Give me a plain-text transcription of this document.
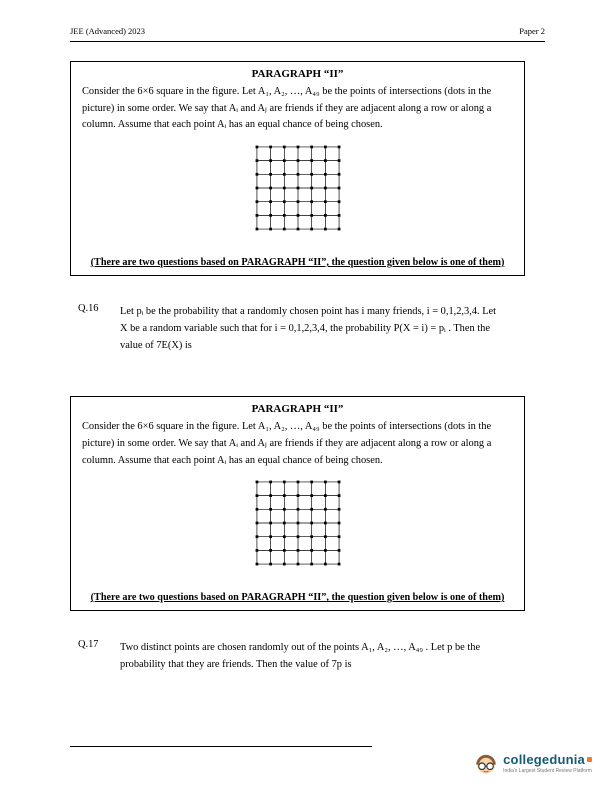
JEE (Advanced) 2023	Paper 2
PARAGRAPH “II”

Consider the 6×6 square in the figure. Let A₁, A₂, …, A₄₉ be the points of intersections (dots in the picture) in some order. We say that Aᵢ and Aⱼ are friends if they are adjacent along a row or along a column. Assume that each point Aᵢ has an equal chance of being chosen.

(There are two questions based on PARAGRAPH “II”, the question given below is one of them)
Q.16	Let pᵢ be the probability that a randomly chosen point has i many friends, i = 0,1,2,3,4. Let X be a random variable such that for i = 0,1,2,3,4, the probability P(X = i) = pᵢ . Then the value of 7E(X) is
PARAGRAPH “II”

Consider the 6×6 square in the figure. Let A₁, A₂, …, A₄₉ be the points of intersections (dots in the picture) in some order. We say that Aᵢ and Aⱼ are friends if they are adjacent along a row or along a column. Assume that each point Aᵢ has an equal chance of being chosen.

(There are two questions based on PARAGRAPH “II”, the question given below is one of them)
Q.17	Two distinct points are chosen randomly out of the points A₁, A₂, …, A₄₉ . Let p be the probability that they are friends. Then the value of 7p is
collegedunia
India's Largest Student Review Platform
